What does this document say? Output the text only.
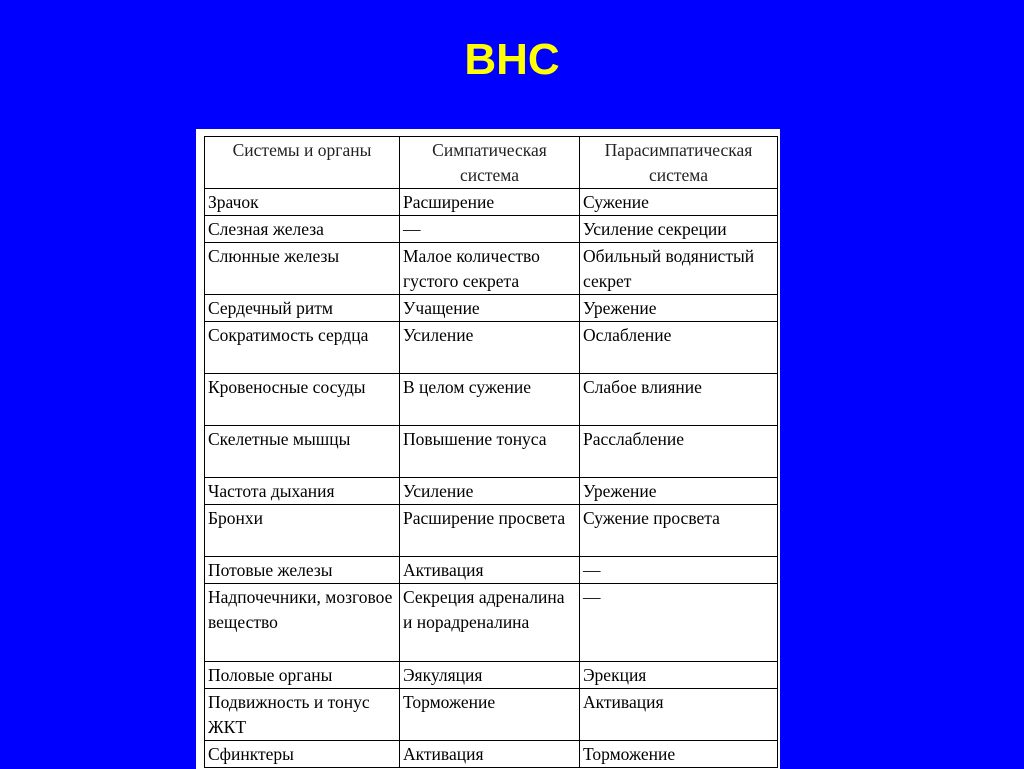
ВНС
Системы и органы	Симпатическая система	Парасимпатическая система
Зрачок	Расширение	Сужение
Слезная железа	—	Усиление секреции
Слюнные железы	Малое количество густого секрета	Обильный водянистый секрет
Сердечный ритм	Учащение	Урежение
Сократимость сердца	Усиление	Ослабление
Кровеносные сосуды	В целом сужение	Слабое влияние
Скелетные мышцы	Повышение тонуса	Расслабление
Частота дыхания	Усиление	Урежение
Бронхи	Расширение просвета	Сужение просвета
Потовые железы	Активация	—
Надпочечники, мозговое вещество	Секреция адреналина и норадреналина	—
Половые органы	Эякуляция	Эрекция
Подвижность и тонус ЖКТ	Торможение	Активация
Сфинктеры	Активация	Торможение
